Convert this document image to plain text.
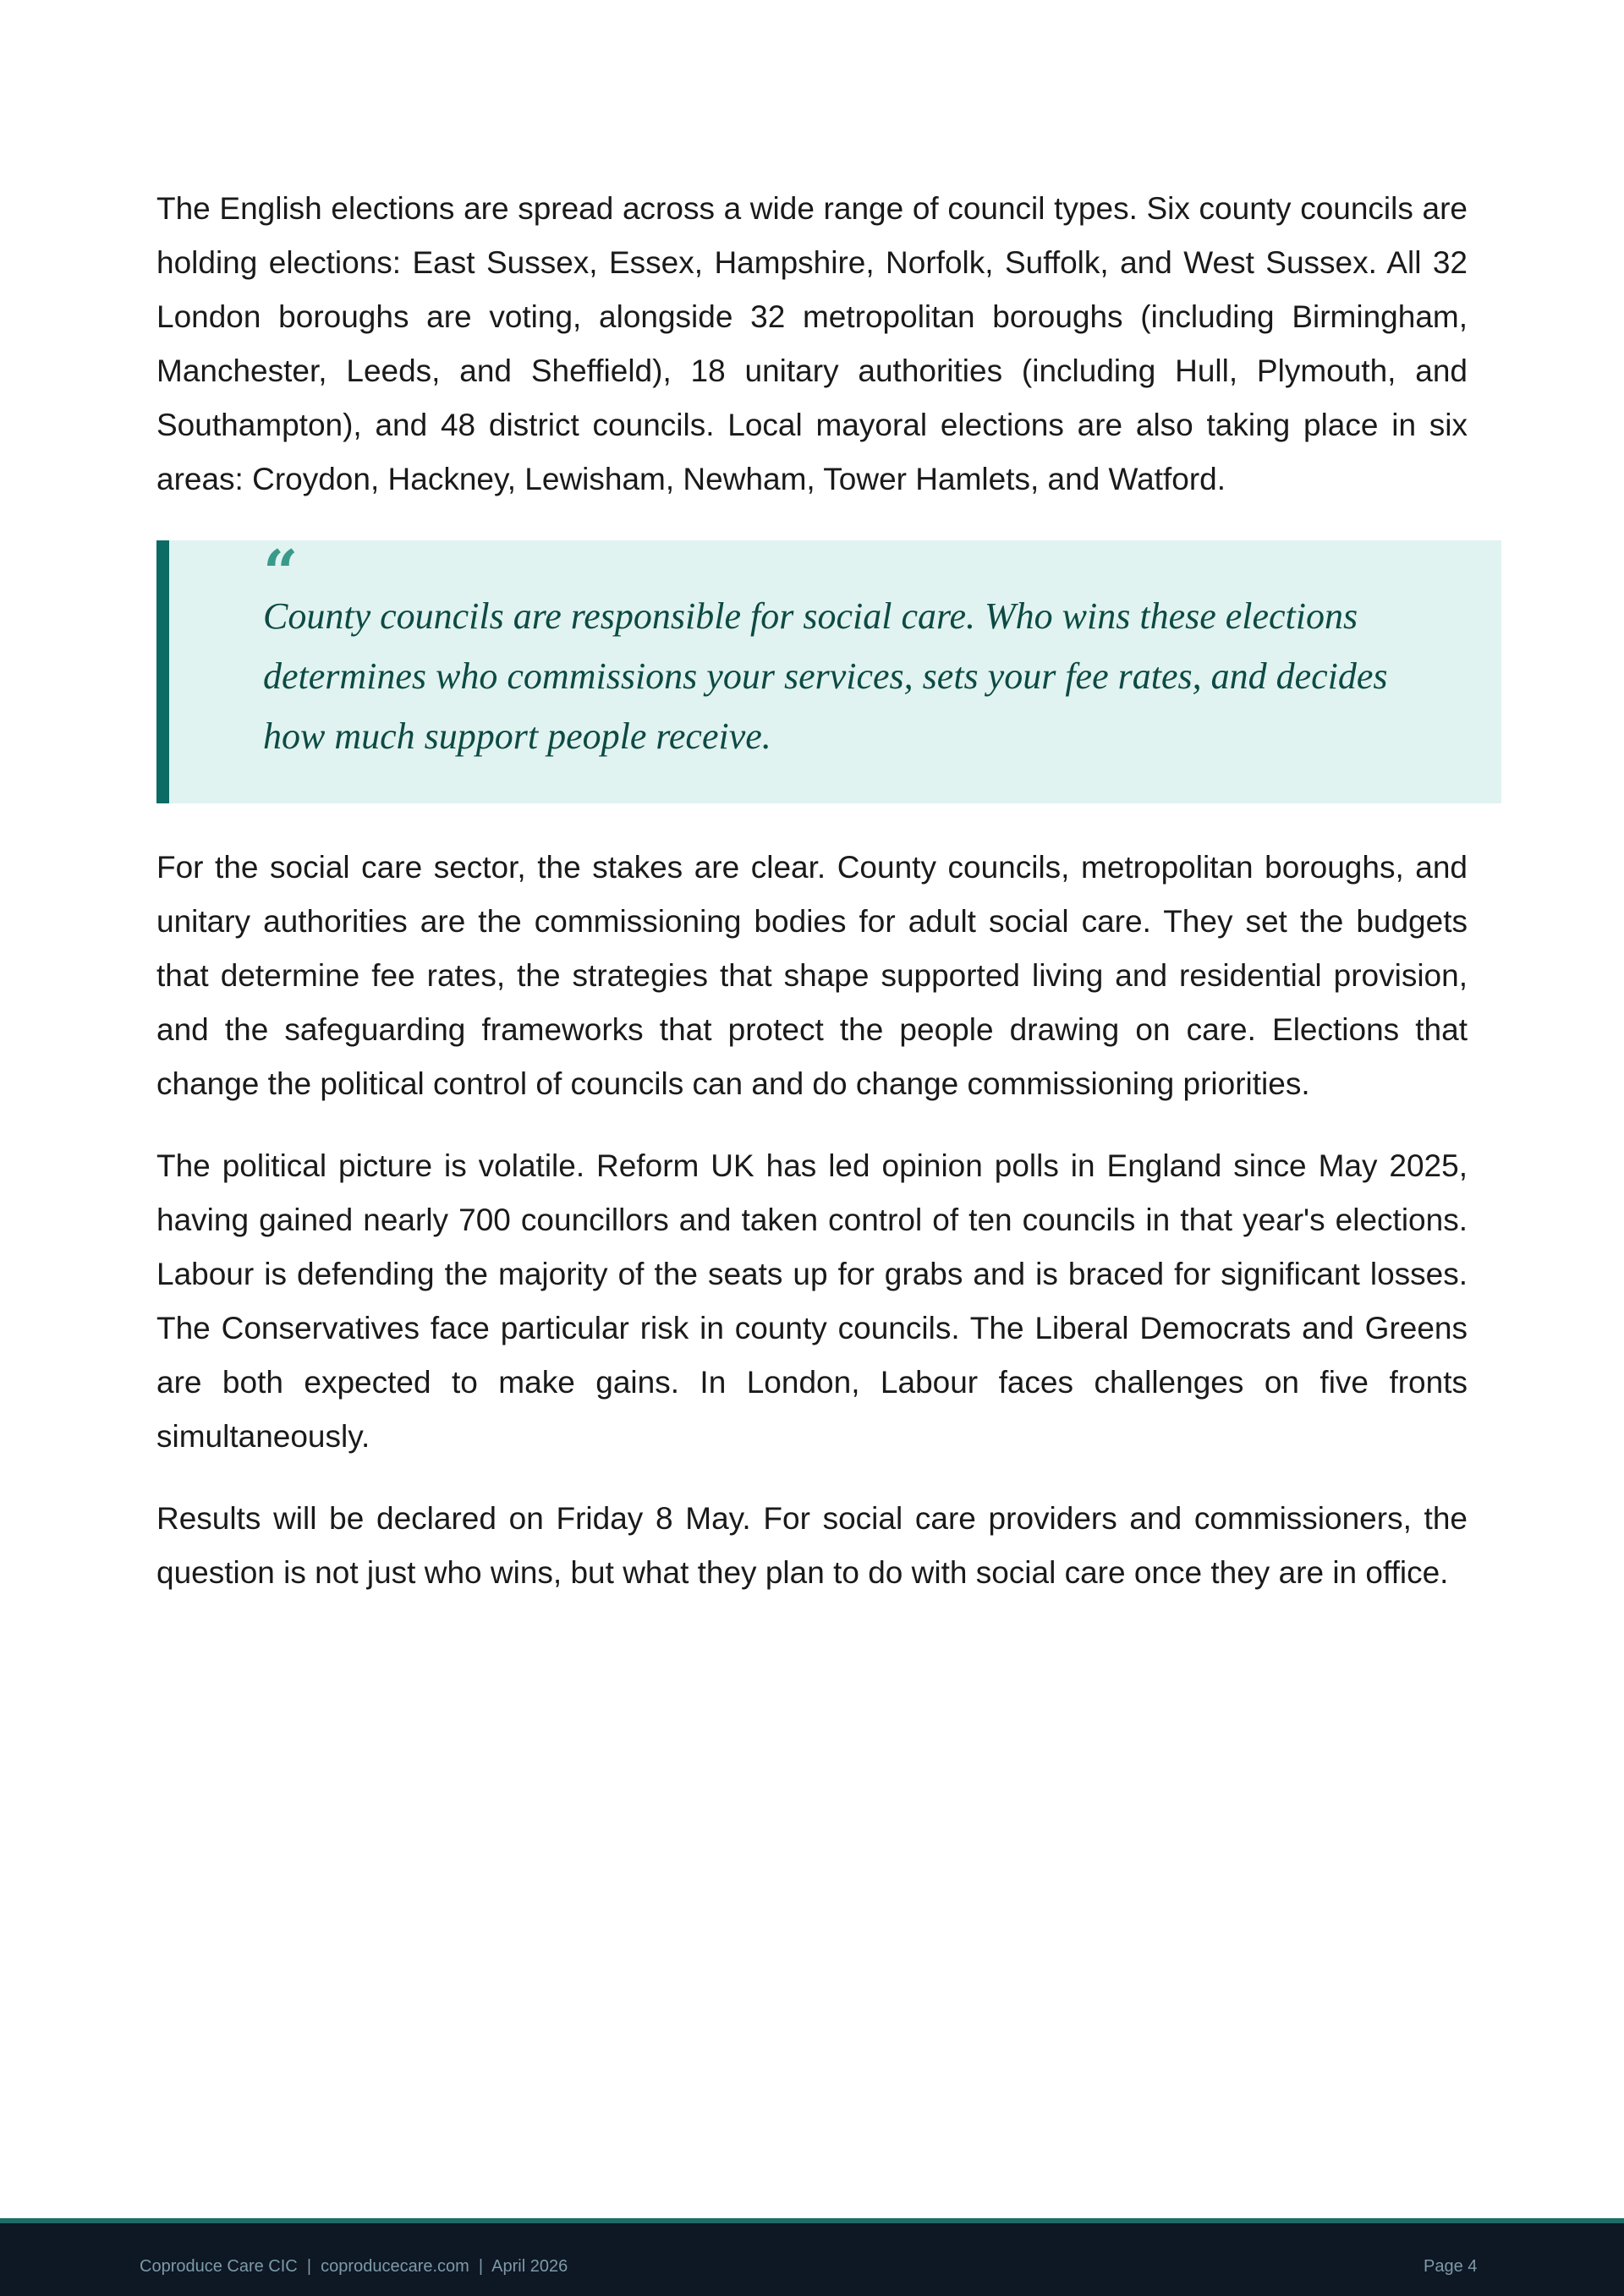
The English elections are spread across a wide range of council types. Six county councils are holding elections: East Sussex, Essex, Hampshire, Norfolk, Suffolk, and West Sussex. All 32 London boroughs are voting, alongside 32 metropolitan boroughs (including Birmingham, Manchester, Leeds, and Sheffield), 18 unitary authorities (including Hull, Plymouth, and Southampton), and 48 district councils. Local mayoral elections are also taking place in six areas: Croydon, Hackney, Lewisham, Newham, Tower Hamlets, and Watford.

“
County councils are responsible for social care. Who wins these elections determines who commissions your services, sets your fee rates, and decides how much support people receive.

For the social care sector, the stakes are clear. County councils, metropolitan boroughs, and unitary authorities are the commissioning bodies for adult social care. They set the budgets that determine fee rates, the strategies that shape supported living and residential provision, and the safeguarding frameworks that protect the people drawing on care. Elections that change the political control of councils can and do change commissioning priorities.

The political picture is volatile. Reform UK has led opinion polls in England since May 2025, having gained nearly 700 councillors and taken control of ten councils in that year's elections. Labour is defending the majority of the seats up for grabs and is braced for significant losses. The Conservatives face particular risk in county councils. The Liberal Democrats and Greens are both expected to make gains. In London, Labour faces challenges on five fronts simultaneously.

Results will be declared on Friday 8 May. For social care providers and commissioners, the question is not just who wins, but what they plan to do with social care once they are in office.

Coproduce Care CIC  |  coproducecare.com  |  April 2026	Page 4
